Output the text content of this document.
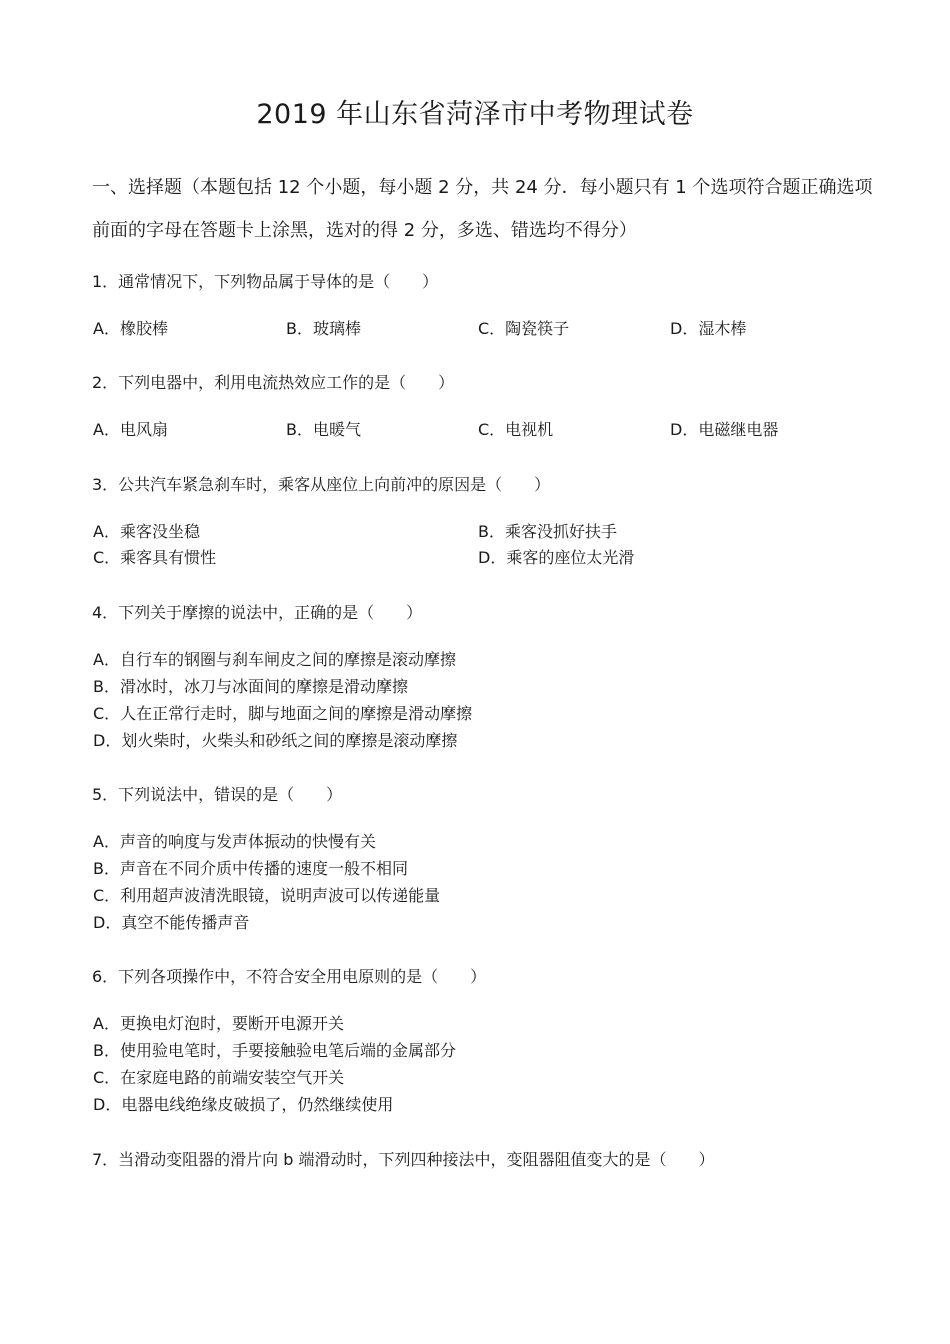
2019 年山东省菏泽市中考物理试卷
一、选择题（本题包括 12 个小题，每小题 2 分，共 24 分．每小题只有 1 个选项符合题正确选项前面的字母在答题卡上涂黑，选对的得 2 分，多选、错选均不得分）
1．通常情况下，下列物品属于导体的是（　　）
A．橡胶棒	B．玻璃棒	C．陶瓷筷子	D．湿木棒
2．下列电器中，利用电流热效应工作的是（　　）
A．电风扇	B．电暖气	C．电视机	D．电磁继电器
3．公共汽车紧急刹车时，乘客从座位上向前冲的原因是（　　）
A．乘客没坐稳	B．乘客没抓好扶手
C．乘客具有惯性	D．乘客的座位太光滑
4．下列关于摩擦的说法中，正确的是（　　）
A．自行车的钢圈与刹车闸皮之间的摩擦是滚动摩擦
B．滑冰时，冰刀与冰面间的摩擦是滑动摩擦
C．人在正常行走时，脚与地面之间的摩擦是滑动摩擦
D．划火柴时，火柴头和砂纸之间的摩擦是滚动摩擦
5．下列说法中，错误的是（　　）
A．声音的响度与发声体振动的快慢有关
B．声音在不同介质中传播的速度一般不相同
C．利用超声波清洗眼镜，说明声波可以传递能量
D．真空不能传播声音
6．下列各项操作中，不符合安全用电原则的是（　　）
A．更换电灯泡时，要断开电源开关
B．使用验电笔时，手要接触验电笔后端的金属部分
C．在家庭电路的前端安装空气开关
D．电器电线绝缘皮破损了，仍然继续使用
7．当滑动变阻器的滑片向 b 端滑动时，下列四种接法中，变阻器阻值变大的是（　　）
